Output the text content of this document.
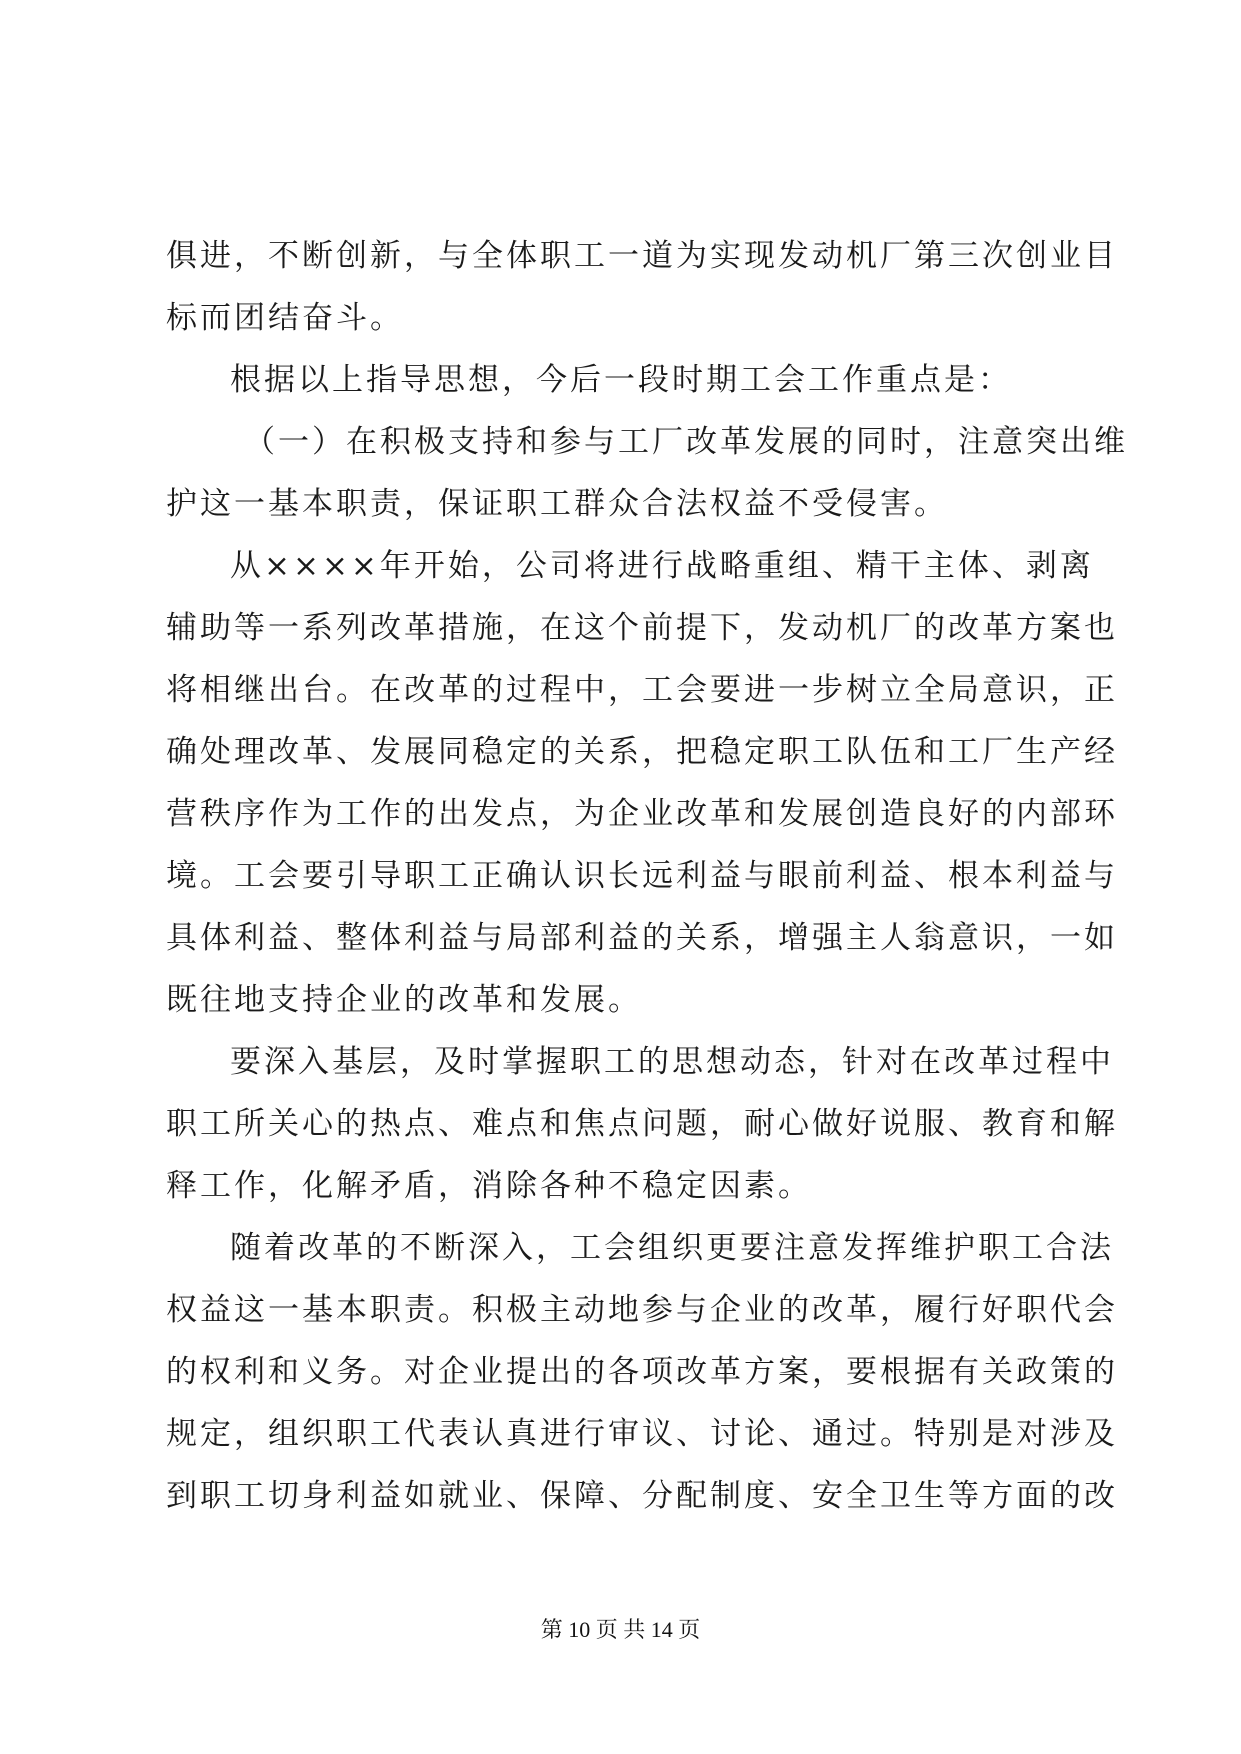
俱进，不断创新，与全体职工一道为实现发动机厂第三次创业目
标而团结奋斗。
根据以上指导思想，今后一段时期工会工作重点是：
（一）在积极支持和参与工厂改革发展的同时，注意突出维
护这一基本职责，保证职工群众合法权益不受侵害。
从××××年开始，公司将进行战略重组、精干主体、剥离
辅助等一系列改革措施，在这个前提下，发动机厂的改革方案也
将相继出台。在改革的过程中，工会要进一步树立全局意识，正
确处理改革、发展同稳定的关系，把稳定职工队伍和工厂生产经
营秩序作为工作的出发点，为企业改革和发展创造良好的内部环
境。工会要引导职工正确认识长远利益与眼前利益、根本利益与
具体利益、整体利益与局部利益的关系，增强主人翁意识，一如
既往地支持企业的改革和发展。
要深入基层，及时掌握职工的思想动态，针对在改革过程中
职工所关心的热点、难点和焦点问题，耐心做好说服、教育和解
释工作，化解矛盾，消除各种不稳定因素。
随着改革的不断深入，工会组织更要注意发挥维护职工合法
权益这一基本职责。积极主动地参与企业的改革，履行好职代会
的权利和义务。对企业提出的各项改革方案，要根据有关政策的
规定，组织职工代表认真进行审议、讨论、通过。特别是对涉及
到职工切身利益如就业、保障、分配制度、安全卫生等方面的改
第 10 页 共 14 页
